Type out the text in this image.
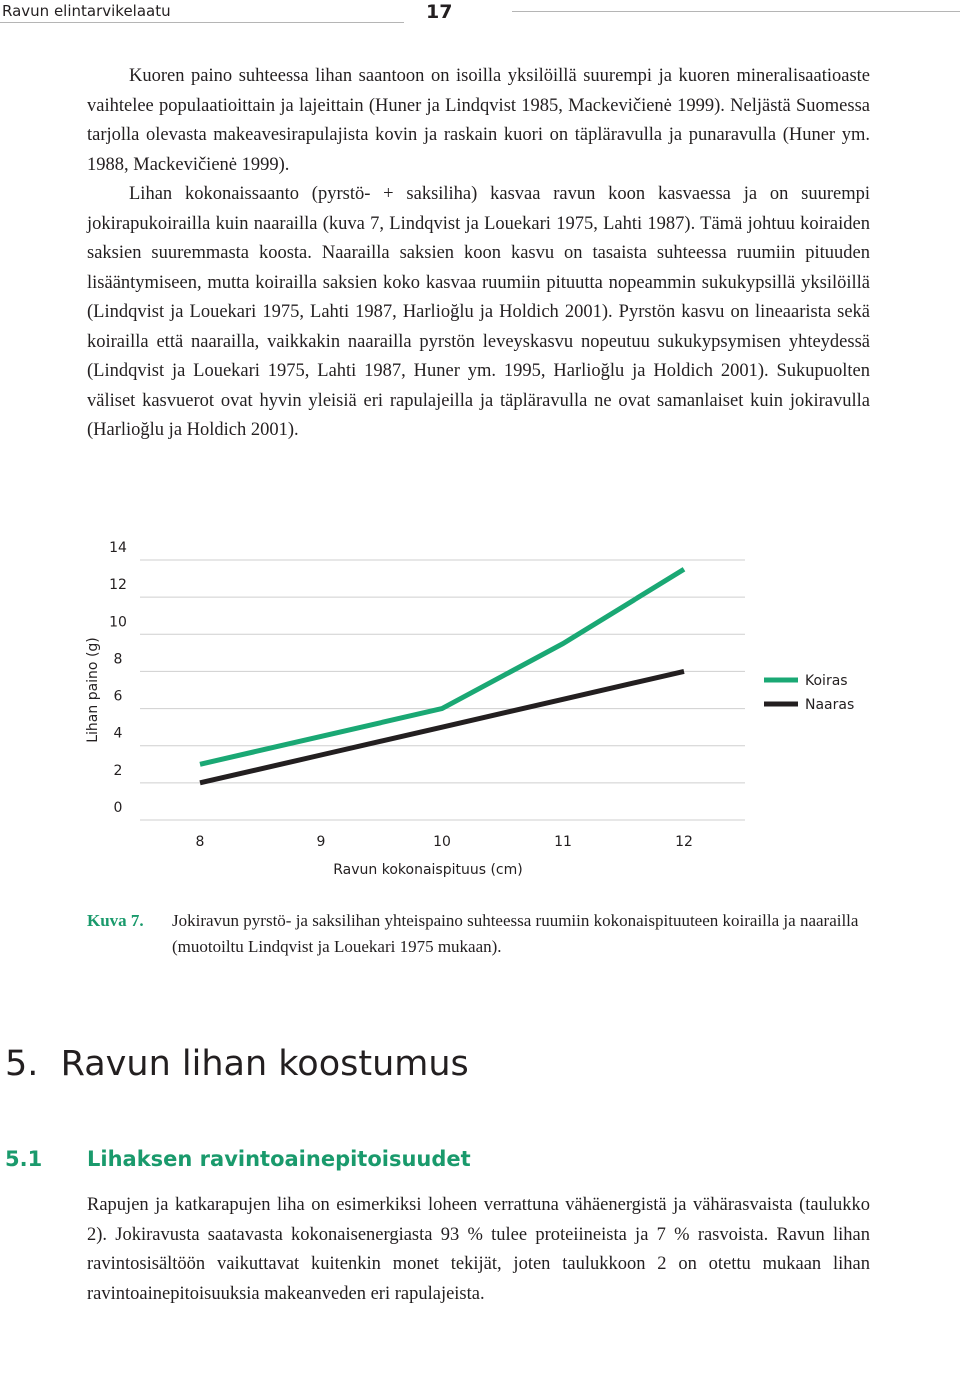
Ravun elintarvikelaatu	17

Kuoren paino suhteessa lihan saantoon on isoilla yksilöillä suurempi ja kuoren mineralisaatioaste vaihtelee populaatioittain ja lajeittain (Huner ja Lindqvist 1985, Mackevičienė 1999). Neljästä Suomessa tarjolla olevasta makeavesirapulajista kovin ja raskain kuori on täpläravulla ja punaravulla (Huner ym. 1988, Mackevičienė 1999).

Lihan kokonaissaanto (pyrstö- + saksiliha) kasvaa ravun koon kasvaessa ja on suurempi jokirapukoirailla kuin naarailla (kuva 7, Lindqvist ja Louekari 1975, Lahti 1987). Tämä johtuu koiraiden saksien suuremmasta koosta. Naarailla saksien koon kasvu on tasaista suhteessa ruumiin pituuden lisääntymiseen, mutta koirailla saksien koko kasvaa ruumiin pituutta nopeammin sukukypsillä yksilöillä (Lindqvist ja Louekari 1975, Lahti 1987, Harlioğlu ja Holdich 2001). Pyrstön kasvu on lineaarista sekä koirailla että naarailla, vaikkakin naarailla pyrstön leveyskasvu nopeutuu sukukypsymisen yhteydessä (Lindqvist ja Louekari 1975, Lahti 1987, Huner ym. 1995, Harlioğlu ja Holdich 2001). Sukupuolten väliset kasvuerot ovat hyvin yleisiä eri rapulajeilla ja täpläravulla ne ovat samanlaiset kuin jokiravulla (Harlioğlu ja Holdich 2001).

0
2
4
6
8
10
12
14
8	9	10	11	12
Lihan paino (g)
Ravun kokonaispituus (cm)
Koiras
Naaras
Kuva 7. Jokiravun pyrstö- ja saksilihan yhteispaino suhteessa ruumiin kokonaispituuteen koirailla ja naarailla (muotoiltu Lindqvist ja Louekari 1975 mukaan).
5. Ravun lihan koostumus
5.1 Lihaksen ravintoainepitoisuudet

Rapujen ja katkarapujen liha on esimerkiksi loheen verrattuna vähäenergistä ja vähärasvaista (taulukko 2). Jokiravusta saatavasta kokonaisenergiasta 93 % tulee proteiineista ja 7 % rasvoista. Ravun lihan ravintosisältöön vaikuttavat kuitenkin monet tekijät, joten taulukkoon 2 on otettu mukaan lihan ravintoainepitoisuuksia makeanveden eri rapulajeista.
